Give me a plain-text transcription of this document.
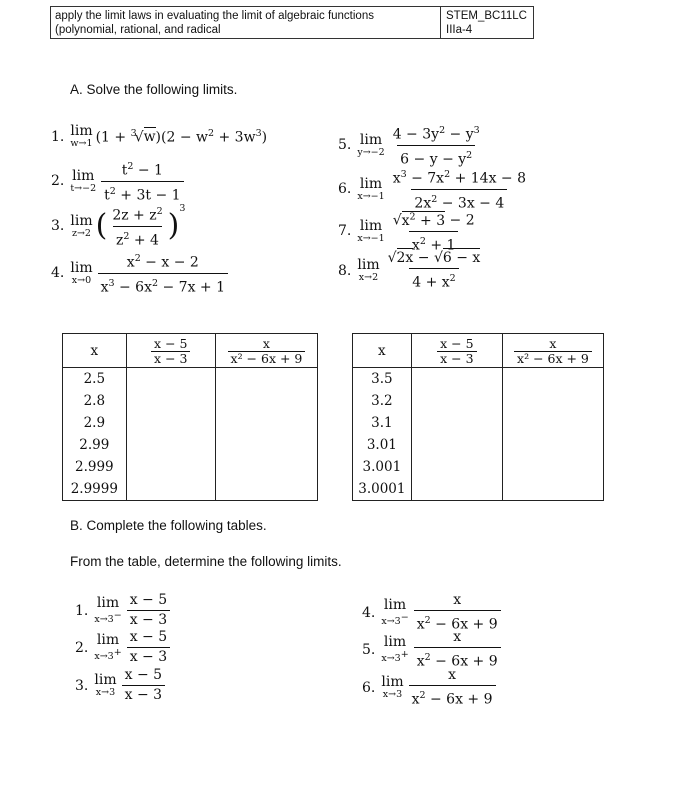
apply the limit laws in evaluating the limit of algebraic functions (polynomial, rational, and radical
STEM_BC11LC
IIIa-4
A. Solve the following limits.
1. lim
w→1 $(1 + ^3√w)(2 - w^2 + 3w^3)$
2. lim
$t\to-2 \frac{t^2 - 1}{t^2 + 3t - 1}$
3. lim
z→2 ( $\frac{2z + z^2}{z^2 + 4} )^3$
4. lim
$x\to 0 \frac{x^2 - x - 2}{x^3 - 6x^2 - 7x + 1}$
5. lim
$y\to-2 \frac{4 - 3y^2 - y^3}{6 - y - y^2}$
6. lim
$x\to-1 \frac{x^3 - 7x^2 + 14x - 8}{2x^2 - 3x - 4}$
7. lim
$x\to-1 \frac{√x^2 + 3 - 2}{x^2 + 1}$
8. lim
$x\to 2 \frac{√2x - √6 - x}{4 + x^2}$
x	$\frac{x - 5}{x - 3}$	$\frac{x}{\text{x² − 6x + 9}}$

2.5		
2.8		
2.9		
2.99		
2.999		
2.9999		
x	$\frac{x - 5}{x - 3}$	$\frac{x}{\text{x² − 6x + 9}}$

3.5		
3.2		
3.1		
3.01		
3.001		
3.0001		
B. Complete the following tables.
From the table, determine the following limits.
1. lim
$x\to 3^- \frac{x - 5}{x - 3}$
2. lim
$x\to 3^+ \frac{x - 5}{x - 3}$
3. lim
$x\to 3 \frac{x - 5}{x - 3}$
4. lim
$x\to 3^- \frac{x}{x^2 - 6x + 9}$
5. lim
$x\to 3^+ \frac{x}{x^2 - 6x + 9}$
6. lim
$x\to 3 \frac{x}{x^2 - 6x + 9}$
